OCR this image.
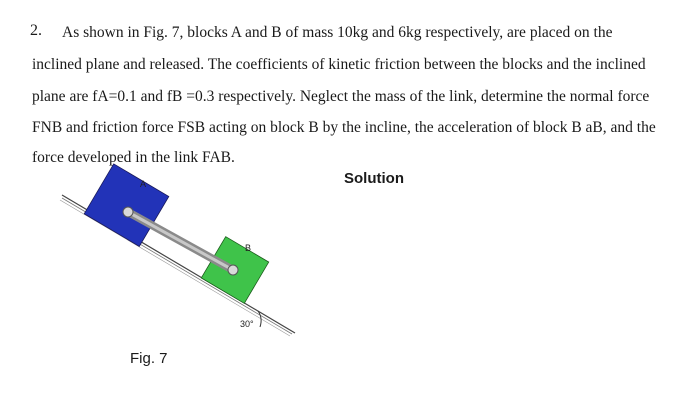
2. As shown in Fig. 7, blocks A and B of mass 10kg and 6kg respectively, are placed on the
inclined plane and released. The coefficients of kinetic friction between the blocks and the inclined
plane are fA=0.1 and fB =0.3 respectively. Neglect the mass of the link, determine the normal force
FNB and friction force FSB acting on block B by the incline, the acceleration of block B aB, and the
force developed in the link FAB.
Solution
30°
A
B
Fig. 7
